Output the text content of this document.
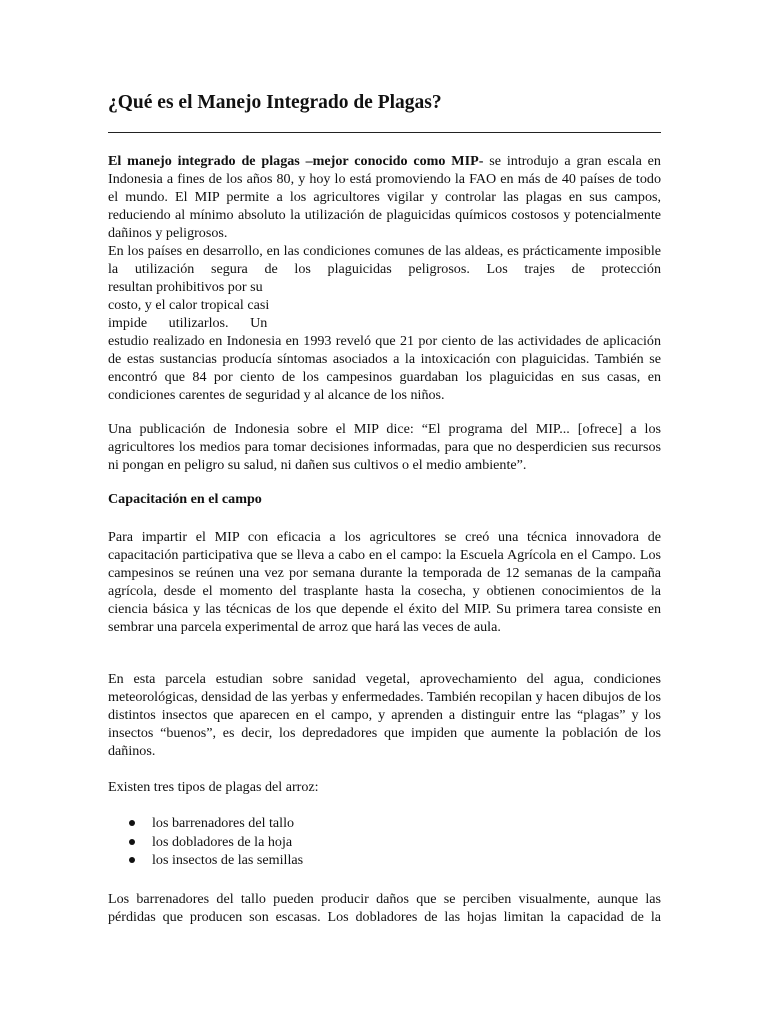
¿Qué es el Manejo Integrado de Plagas?

El manejo integrado de plagas –mejor conocido como MIP- se introdujo a gran escala en Indonesia a fines de los años 80, y hoy lo está promoviendo la FAO en más de 40 países de todo el mundo. El MIP permite a los agricultores vigilar y controlar las plagas en sus campos, reduciendo al mínimo absoluto la utilización de plaguicidas químicos costosos y potencialmente dañinos y peligrosos.

En los países en desarrollo, en las condiciones comunes de las aldeas, es prácticamente imposible la utilización segura de los plaguicidas peligrosos. Los trajes de protección

resultan prohibitivos por su

costo, y el calor tropical casi

impide utilizarlos. Un

estudio realizado en Indonesia en 1993 reveló que 21 por ciento de las actividades de aplicación de estas sustancias producía síntomas asociados a la intoxicación con plaguicidas. También se encontró que 84 por ciento de los campesinos guardaban los plaguicidas en sus casas, en condiciones carentes de seguridad y al alcance de los niños.

Una publicación de Indonesia sobre el MIP dice: “El programa del MIP... [ofrece] a los agricultores los medios para tomar decisiones informadas, para que no desperdicien sus recursos ni pongan en peligro su salud, ni dañen sus cultivos o el medio ambiente”.

Capacitación en el campo

Para impartir el MIP con eficacia a los agricultores se creó una técnica innovadora de capacitación participativa que se lleva a cabo en el campo: la Escuela Agrícola en el Campo. Los campesinos se reúnen una vez por semana durante la temporada de 12 semanas de la campaña agrícola, desde el momento del trasplante hasta la cosecha, y obtienen conocimientos de la ciencia básica y las técnicas de los que depende el éxito del MIP. Su primera tarea consiste en sembrar una parcela experimental de arroz que hará las veces de aula.

En esta parcela estudian sobre sanidad vegetal, aprovechamiento del agua, condiciones meteorológicas, densidad de las yerbas y enfermedades. También recopilan y hacen dibujos de los distintos insectos que aparecen en el campo, y aprenden a distinguir entre las “plagas” y los insectos “buenos”, es decir, los depredadores que impiden que aumente la población de los dañinos.

Existen tres tipos de plagas del arroz:

los barrenadores del tallo
los dobladores de la hoja
los insectos de las semillas

Los barrenadores del tallo pueden producir daños que se perciben visualmente, aunque las pérdidas que producen son escasas. Los dobladores de las hojas limitan la capacidad de la
